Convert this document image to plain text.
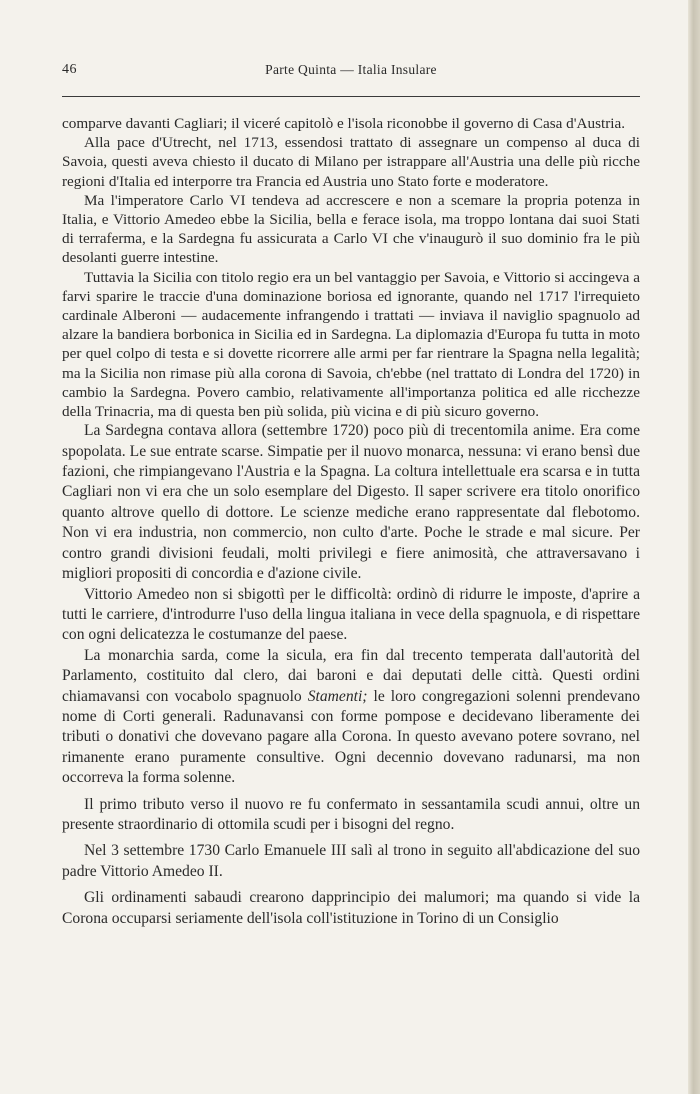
46	Parte Quinta — Italia Insulare

comparve davanti Cagliari; il viceré capitolò e l'isola riconobbe il governo di Casa d'Austria.

Alla pace d'Utrecht, nel 1713, essendosi trattato di assegnare un compenso al duca di Savoia, questi aveva chiesto il ducato di Milano per istrappare all'Austria una delle più ricche regioni d'Italia ed interporre tra Francia ed Austria uno Stato forte e moderatore.

Ma l'imperatore Carlo VI tendeva ad accrescere e non a scemare la propria potenza in Italia, e Vittorio Amedeo ebbe la Sicilia, bella e ferace isola, ma troppo lontana dai suoi Stati di terraferma, e la Sardegna fu assicurata a Carlo VI che v'inaugurò il suo dominio fra le più desolanti guerre intestine.

Tuttavia la Sicilia con titolo regio era un bel vantaggio per Savoia, e Vittorio si accingeva a farvi sparire le traccie d'una dominazione boriosa ed ignorante, quando nel 1717 l'irrequieto cardinale Alberoni — audacemente infrangendo i trattati — inviava il naviglio spagnuolo ad alzare la bandiera borbonica in Sicilia ed in Sardegna. La diplomazia d'Europa fu tutta in moto per quel colpo di testa e si dovette ricorrere alle armi per far rientrare la Spagna nella legalità; ma la Sicilia non rimase più alla corona di Savoia, ch'ebbe (nel trattato di Londra del 1720) in cambio la Sardegna. Povero cambio, relativamente all'importanza politica ed alle ricchezze della Trinacria, ma di questa ben più solida, più vicina e di più sicuro governo.

La Sardegna contava allora (settembre 1720) poco più di trecentomila anime. Era come spopolata. Le sue entrate scarse. Simpatie per il nuovo monarca, nessuna: vi erano bensì due fazioni, che rimpiangevano l'Austria e la Spagna. La coltura intellettuale era scarsa e in tutta Cagliari non vi era che un solo esemplare del Digesto. Il saper scrivere era titolo onorifico quanto altrove quello di dottore. Le scienze mediche erano rappresentate dal flebotomo. Non vi era industria, non commercio, non culto d'arte. Poche le strade e mal sicure. Per contro grandi divisioni feudali, molti privilegi e fiere animosità, che attraversavano i migliori propositi di concordia e d'azione civile.

Vittorio Amedeo non si sbigottì per le difficoltà: ordinò di ridurre le imposte, d'aprire a tutti le carriere, d'introdurre l'uso della lingua italiana in vece della spagnuola, e di rispettare con ogni delicatezza le costumanze del paese.

La monarchia sarda, come la sicula, era fin dal trecento temperata dall'autorità del Parlamento, costituito dal clero, dai baroni e dai deputati delle città. Questi ordini chiamavansi con vocabolo spagnuolo Stamenti; le loro congregazioni solenni prendevano nome di Corti generali. Radunavansi con forme pompose e decidevano liberamente dei tributi o donativi che dovevano pagare alla Corona. In questo avevano potere sovrano, nel rimanente erano puramente consultive. Ogni decennio dovevano radunarsi, ma non occorreva la forma solenne.

Il primo tributo verso il nuovo re fu confermato in sessantamila scudi annui, oltre un presente straordinario di ottomila scudi per i bisogni del regno.

Nel 3 settembre 1730 Carlo Emanuele III salì al trono in seguito all'abdicazione del suo padre Vittorio Amedeo II.

Gli ordinamenti sabaudi crearono dapprincipio dei malumori; ma quando si vide la Corona occuparsi seriamente dell'isola coll'istituzione in Torino di un Consiglio
